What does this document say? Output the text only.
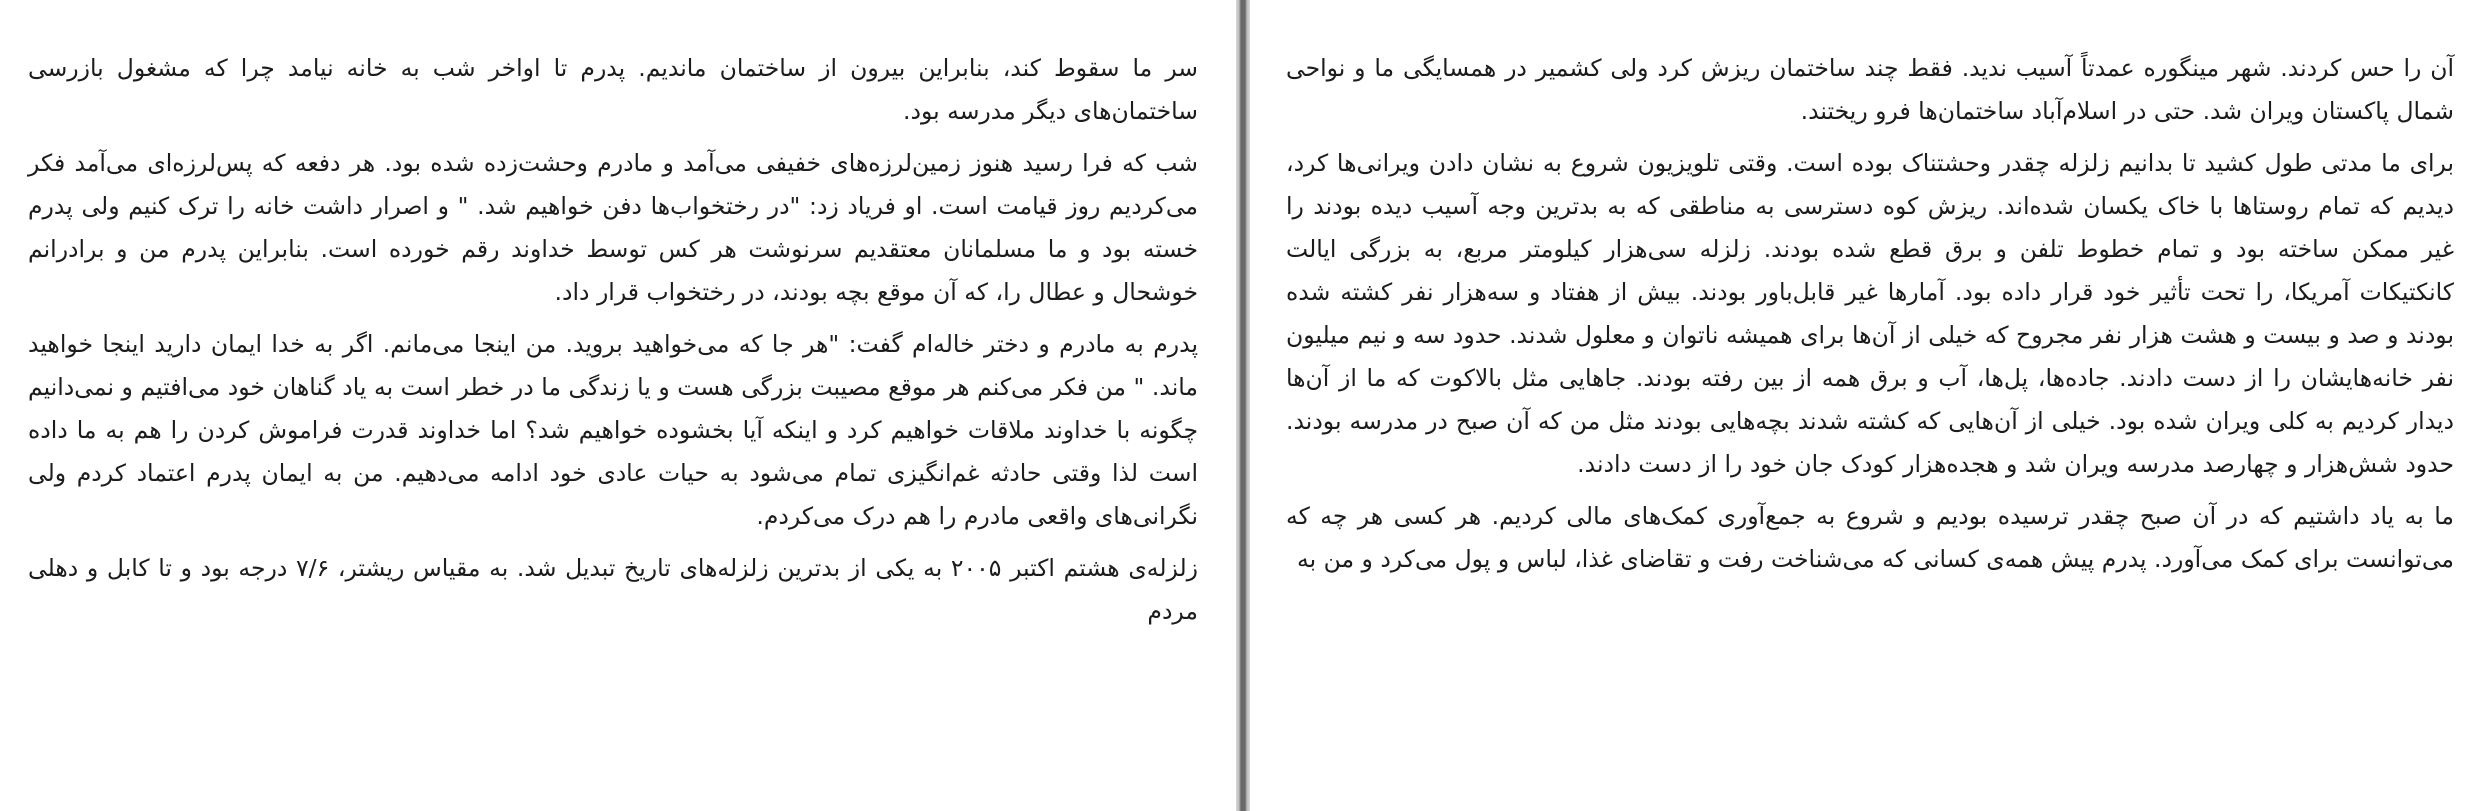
سر ما سقوط کند، بنابراین بیرون از ساختمان ماندیم. پدرم تا اواخر شب به خانه نیامد چرا که مشغول بازرسی ساختمان‌های دیگر مدرسه بود.

شب که فرا رسید هنوز زمین‌لرزه‌های خفیفی می‌آمد و مادرم وحشت‌زده شده بود. هر دفعه که پس‌لرزه‌ای می‌آمد فکر می‌کردیم روز قیامت است. او فریاد زد: "در رختخواب‌ها دفن خواهیم شد. " و اصرار داشت خانه را ترک کنیم ولی پدرم خسته بود و ما مسلمانان معتقدیم سرنوشت هر کس توسط خداوند رقم خورده است. بنابراین پدرم من و برادرانم خوشحال و عطال را، که آن موقع بچه بودند، در رختخواب قرار داد.

پدرم به مادرم و دختر خاله‌ام گفت: "هر جا که می‌خواهید بروید. من اینجا می‌مانم. اگر به خدا ایمان دارید اینجا خواهید ماند. " من فکر می‌کنم هر موقع مصیبت بزرگی هست و یا زندگی ما در خطر است به یاد گناهان خود می‌افتیم و نمی‌دانیم چگونه با خداوند ملاقات خواهیم کرد و اینکه آیا بخشوده خواهیم شد؟ اما خداوند قدرت فراموش کردن را هم به ما داده است لذا وقتی حادثه غم‌انگیزی تمام می‌شود به حیات عادی خود ادامه می‌دهیم. من به ایمان پدرم اعتماد کردم ولی نگرانی‌های واقعی مادرم را هم درک می‌کردم.

زلزله‌ی هشتم اکتبر ۲۰۰۵ به یکی از بدترین زلزله‌های تاریخ تبدیل شد. به مقیاس ریشتر، ۷/۶ درجه بود و تا کابل و دهلی مردم

آن را حس کردند. شهر مینگوره عمدتاً آسیب ندید. فقط چند ساختمان ریزش کرد ولی کشمیر در همسایگی ما و نواحی شمال پاکستان ویران شد. حتی در اسلام‌آباد ساختمان‌ها فرو ریختند.

برای ما مدتی طول کشید تا بدانیم زلزله چقدر وحشتناک بوده است. وقتی تلویزیون شروع به نشان دادن ویرانی‌ها کرد، دیدیم که تمام روستاها با خاک یکسان شده‌اند. ریزش کوه دسترسی به مناطقی که به بدترین وجه آسیب دیده بودند را غیر ممکن ساخته بود و تمام خطوط تلفن و برق قطع شده بودند. زلزله سی‌هزار کیلومتر مربع، به بزرگی ایالت کانکتیکات آمریکا، را تحت تأثیر خود قرار داده بود. آمارها غیر قابل‌باور بودند. بیش از هفتاد و سه‌هزار نفر کشته شده بودند و صد و بیست و هشت هزار نفر مجروح که خیلی از آن‌ها برای همیشه ناتوان و معلول شدند. حدود سه و نیم میلیون نفر خانه‌هایشان را از دست دادند. جاده‌ها، پل‌ها، آب و برق همه از بین رفته بودند. جاهایی مثل بالاکوت که ما از آن‌ها دیدار کردیم به کلی ویران شده بود. خیلی از آن‌هایی که کشته شدند بچه‌هایی بودند مثل من که آن صبح در مدرسه بودند. حدود شش‌هزار و چهارصد مدرسه ویران شد و هجده‌هزار کودک جان خود را از دست دادند.

ما به یاد داشتیم که در آن صبح چقدر ترسیده بودیم و شروع به جمع‌آوری کمک‌های مالی کردیم. هر کسی هر چه که می‌توانست برای کمک می‌آورد. پدرم پیش همه‌ی کسانی که می‌شناخت رفت و تقاضای غذا، لباس و پول می‌کرد و من به
